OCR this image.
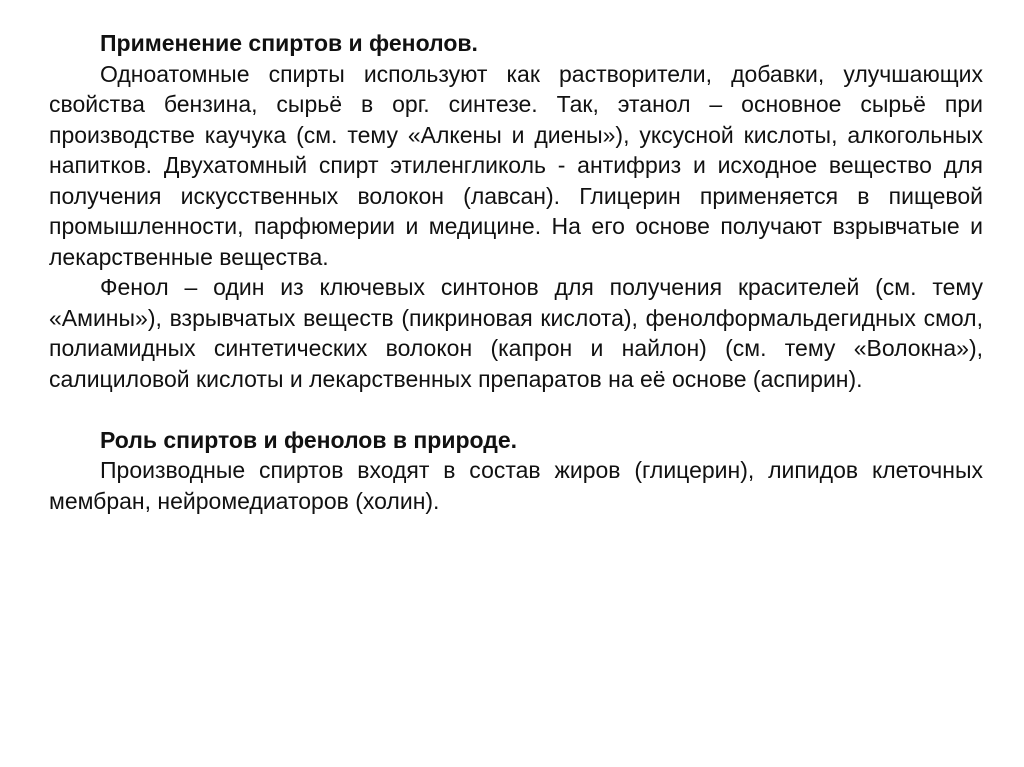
Применение спиртов и фенолов.

Одноатомные спирты используют как растворители, добавки, улучшающих свойства бензина, сырьё в орг. синтезе. Так, этанол – основное сырьё при производстве каучука (см. тему «Алкены и диены»), уксусной кислоты, алкогольных напитков. Двухатомный спирт этиленгликоль - антифриз и исходное вещество для получения искусственных волокон (лавсан). Глицерин применяется в пищевой промышленности, парфюмерии и медицине. На его основе получают взрывчатые и лекарственные вещества.

Фенол – один из ключевых синтонов для получения красителей (см. тему «Амины»), взрывчатых веществ (пикриновая кислота), фенолформальдегидных смол, полиамидных синтетических волокон (капрон и найлон) (см. тему «Волокна»), салициловой кислоты и лекарственных препаратов на её основе (аспирин).

Роль спиртов и фенолов в природе.

Производные спиртов входят в состав жиров (глицерин), липидов клеточных мембран, нейромедиаторов (холин).
